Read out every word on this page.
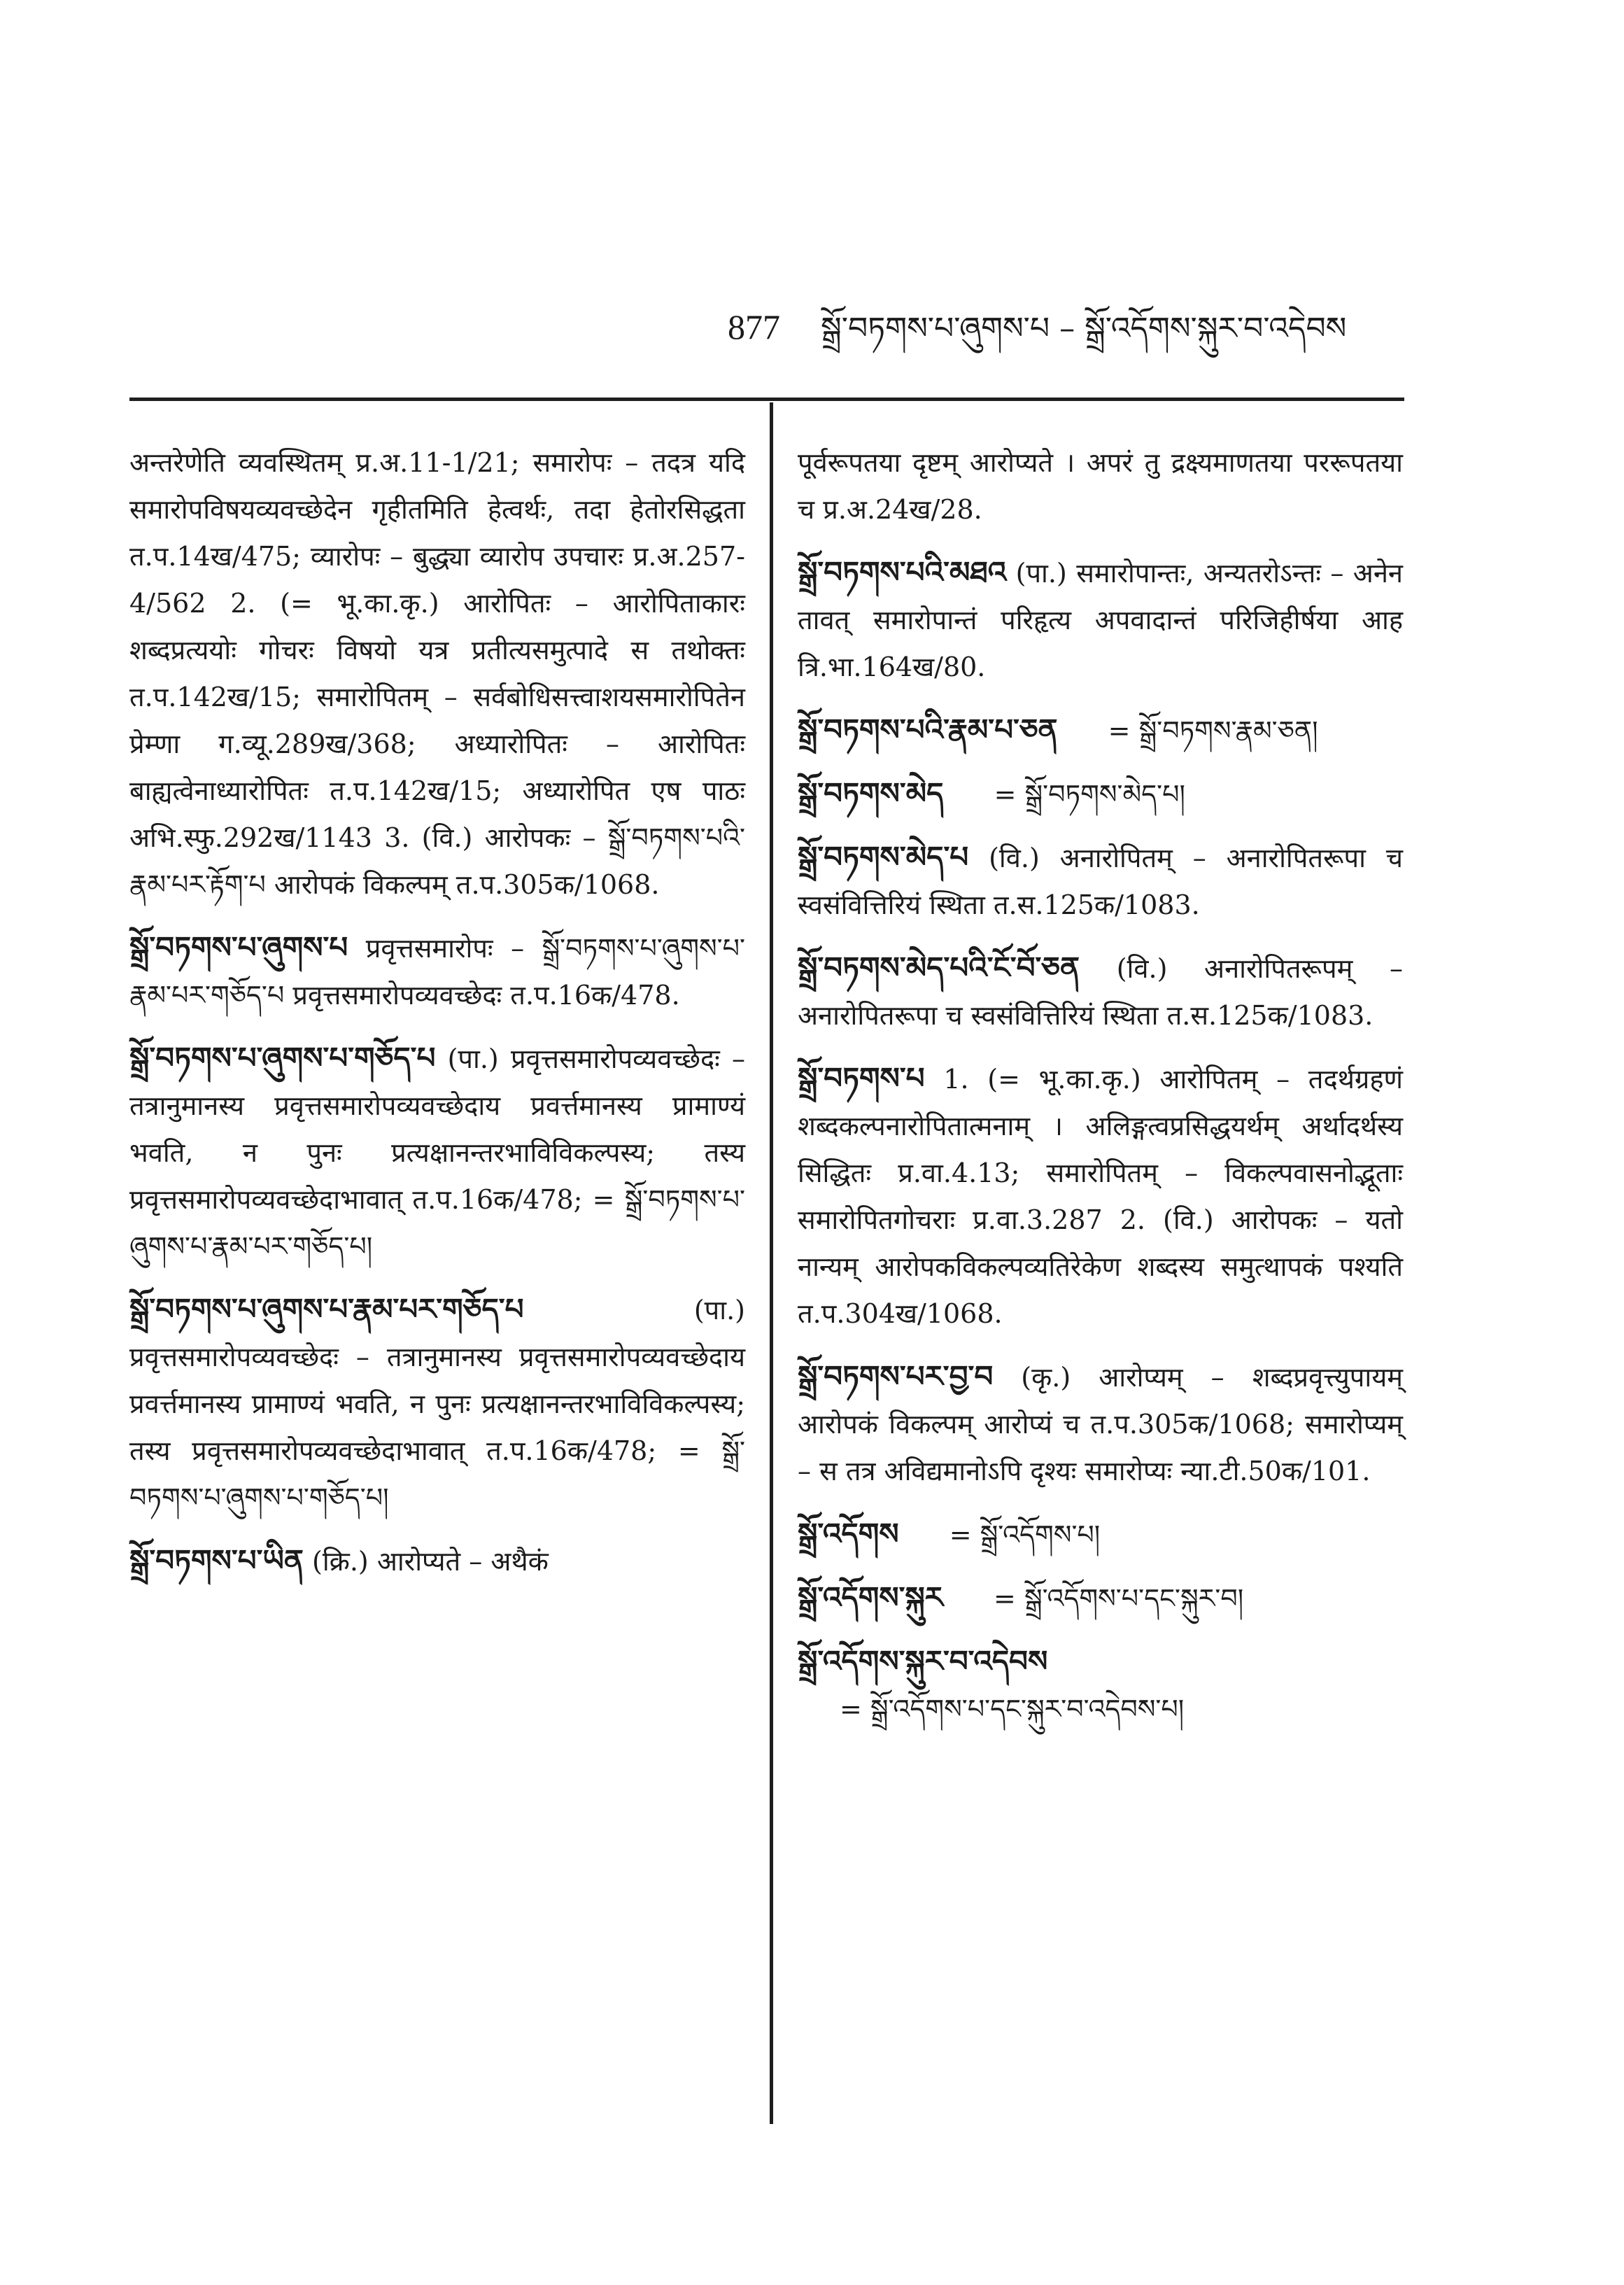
877 སྒྲོ་བཏགས་པ་ཞུགས་པ – སྒྲོ་འདོགས་སྐུར་བ་འདེབས

अन्तरेणेति व्यवस्थितम् प्र.अ.11-1/21; समारोपः – तदत्र यदि समारोपविषयव्यवच्छेदेन गृहीतमिति हेत्वर्थः, तदा हेतोरसिद्धता त.प.14ख/475; व्यारोपः – बुद्ध्या व्यारोप उपचारः प्र.अ.257-4/562 2. (= भू.का.कृ.) आरोपितः – आरोपिताकारः शब्दप्रत्ययोः गोचरः विषयो यत्र प्रतीत्यसमुत्पादे स तथोक्तः त.प.142ख/15; समारोपितम् – सर्वबोधिसत्त्वाशयसमारोपितेन प्रेम्णा ग.व्यू.289ख/368; अध्यारोपितः – आरोपितः बाह्यत्वेनाध्यारोपितः त.प.142ख/15; अध्यारोपित एष पाठः अभि.स्फु.292ख/1143 3. (वि.) आरोपकः – སྒྲོ་བཏགས་པའི་རྣམ་པར་རྟོག་པ आरोपकं विकल्पम् त.प.305क/1068.

སྒྲོ་བཏགས་པ་ཞུགས་པ प्रवृत्तसमारोपः – སྒྲོ་བཏགས་པ་ཞུགས་པ་རྣམ་པར་གཅོད་པ प्रवृत्तसमारोपव्यवच्छेदः त.प.16क/478.

སྒྲོ་བཏགས་པ་ཞུགས་པ་གཅོད་པ (पा.) प्रवृत्तसमारोपव्यवच्छेदः – तत्रानुमानस्य प्रवृत्तसमारोपव्यवच्छेदाय प्रवर्त्तमानस्य प्रामाण्यं भवति, न पुनः प्रत्यक्षानन्तरभाविविकल्पस्य; तस्य प्रवृत्तसमारोपव्यवच्छेदाभावात् त.प.16क/478; = སྒྲོ་བཏགས་པ་ཞུགས་པ་རྣམ་པར་གཅོད་པ།

སྒྲོ་བཏགས་པ་ཞུགས་པ་རྣམ་པར་གཅོད་པ	(पा.) प्रवृत्तसमारोपव्यवच्छेदः – तत्रानुमानस्य प्रवृत्तसमारोपव्यवच्छेदाय प्रवर्त्तमानस्य प्रामाण्यं भवति, न पुनः प्रत्यक्षानन्तरभाविविकल्पस्य; तस्य प्रवृत्तसमारोपव्यवच्छेदाभावात् त.प.16क/478; = སྒྲོ་བཏགས་པ་ཞུགས་པ་གཅོད་པ།

སྒྲོ་བཏགས་པ་ཡིན (क्रि.) आरोप्यते – अथैकं

पूर्वरूपतया दृष्टम् आरोप्यते । अपरं तु द्रक्ष्यमाणतया पररूपतया च प्र.अ.24ख/28.

སྒྲོ་བཏགས་པའི་མཐའ (पा.) समारोपान्तः, अन्यतरोऽन्तः – अनेन तावत् समारोपान्तं परिहृत्य अपवादान्तं परिजिहीर्षया आह त्रि.भा.164ख/80.

སྒྲོ་བཏགས་པའི་རྣམ་པ་ཅན = སྒྲོ་བཏགས་རྣམ་ཅན།

སྒྲོ་བཏགས་མེད = སྒྲོ་བཏགས་མེད་པ།

སྒྲོ་བཏགས་མེད་པ (वि.) अनारोपितम् – अनारोपितरूपा च स्वसंवित्तिरियं स्थिता त.स.125क/1083.

སྒྲོ་བཏགས་མེད་པའི་ངོ་བོ་ཅན (वि.) अनारोपितरूपम् – अनारोपितरूपा च स्वसंवित्तिरियं स्थिता त.स.125क/1083.

སྒྲོ་བཏགས་པ 1. (= भू.का.कृ.) आरोपितम् – तदर्थग्रहणं शब्दकल्पनारोपितात्मनाम् । अलिङ्गत्वप्रसिद्धयर्थम् अर्थादर्थस्य सिद्धितः प्र.वा.4.13; समारोपितम् – विकल्पवासनोद्भूताः समारोपितगोचराः प्र.वा.3.287 2. (वि.) आरोपकः – यतो नान्यम् आरोपकविकल्पव्यतिरेकेण शब्दस्य समुत्थापकं पश्यति त.प.304ख/1068.

སྒྲོ་བཏགས་པར་བྱ་བ (कृ.) आरोप्यम् – शब्दप्रवृत्त्युपायम् आरोपकं विकल्पम् आरोप्यं च त.प.305क/1068; समारोप्यम् – स तत्र अविद्यमानोऽपि दृश्यः समारोप्यः न्या.टी.50क/101.

སྒྲོ་འདོགས = སྒྲོ་འདོགས་པ།

སྒྲོ་འདོགས་སྐུར = སྒྲོ་འདོགས་པ་དང་སྐུར་བ།

སྒྲོ་འདོགས་སྐུར་བ་འདེབས = སྒྲོ་འདོགས་པ་དང་སྐུར་བ་འདེབས་པ།
